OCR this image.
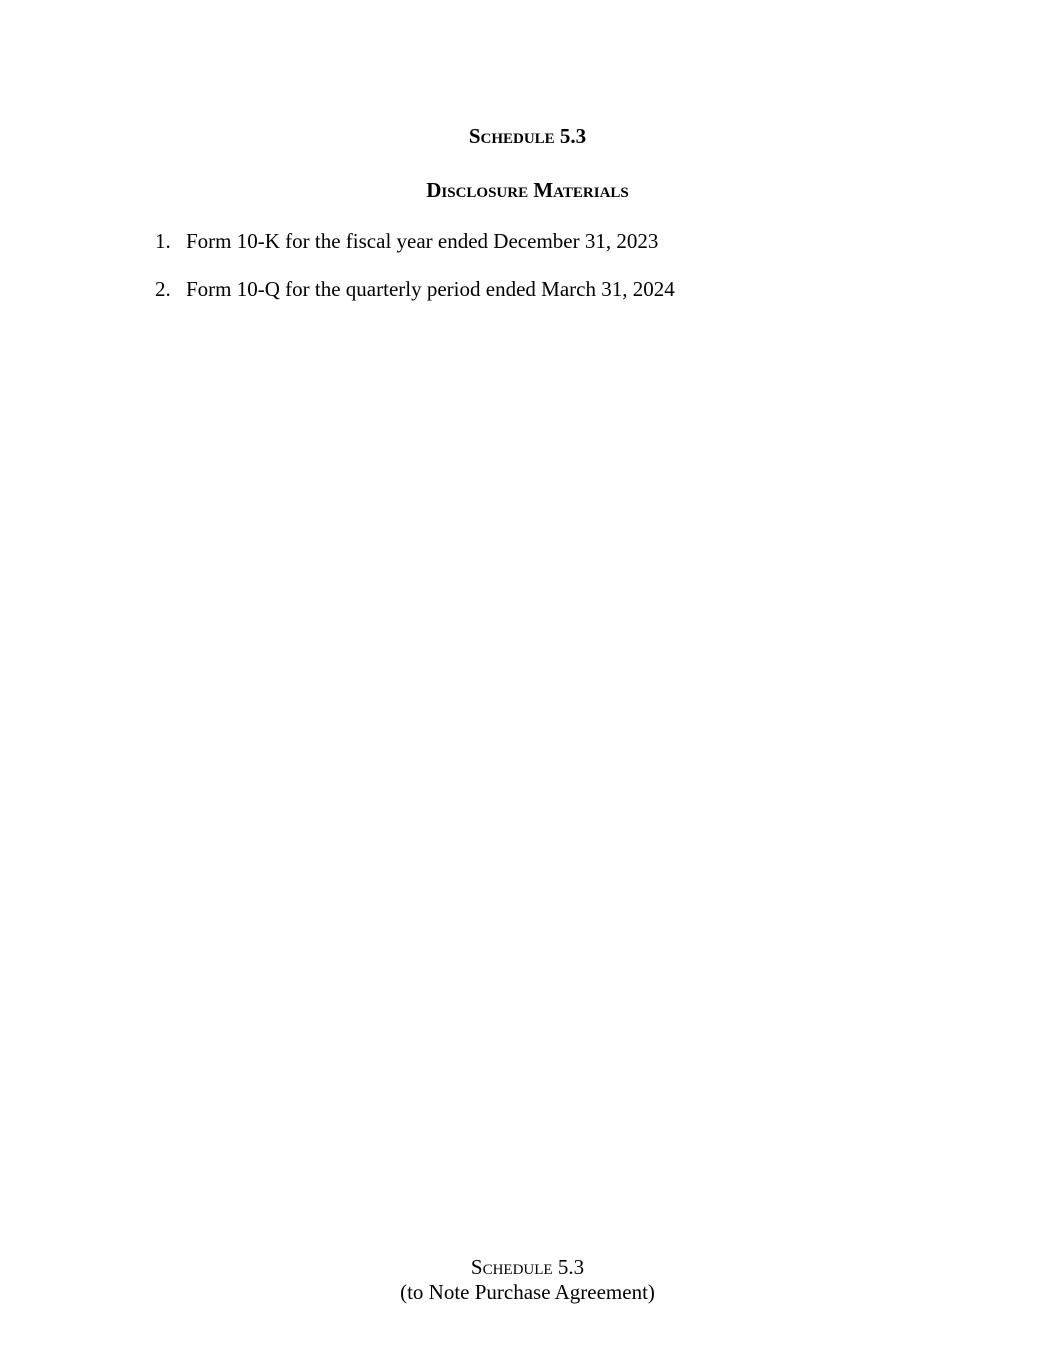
Schedule 5.3
Disclosure Materials
1. Form 10-K for the fiscal year ended December 31, 2023
2. Form 10-Q for the quarterly period ended March 31, 2024
Schedule 5.3
(to Note Purchase Agreement)
